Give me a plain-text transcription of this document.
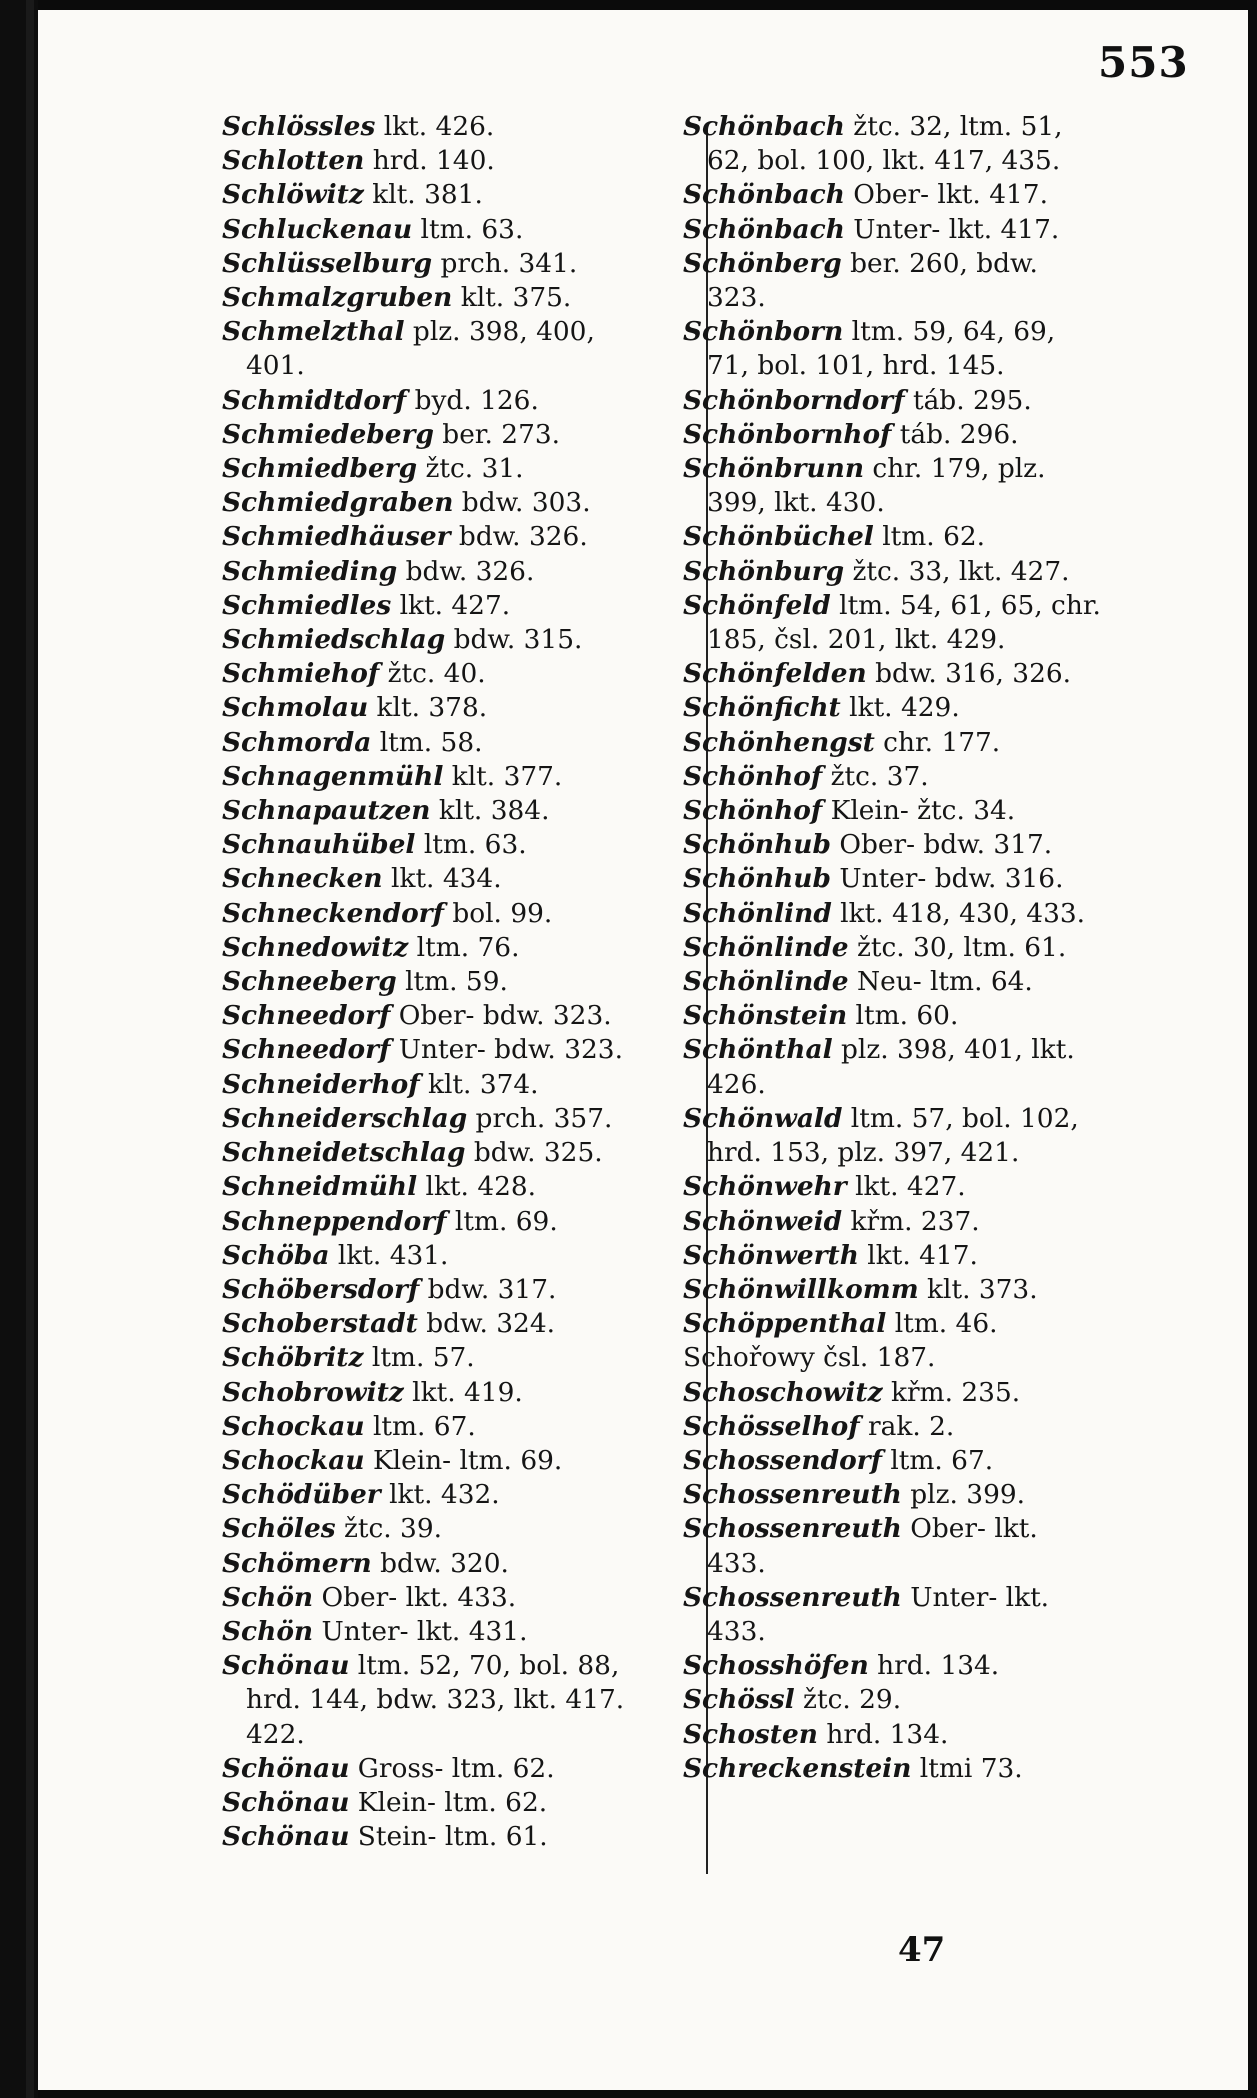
553
47
Schlössles lkt. 426.
Schlotten hrd. 140.
Schlöwitz klt. 381.
Schluckenau ltm. 63.
Schlüsselburg prch. 341.
Schmalzgruben klt. 375.
Schmelzthal plz. 398, 400, 401.
Schmidtdorf byd. 126.
Schmiedeberg ber. 273.
Schmiedberg žtc. 31.
Schmiedgraben bdw. 303.
Schmiedhäuser bdw. 326.
Schmieding bdw. 326.
Schmiedles lkt. 427.
Schmiedschlag bdw. 315.
Schmiehof žtc. 40.
Schmolau klt. 378.
Schmorda ltm. 58.
Schnagenmühl klt. 377.
Schnapautzen klt. 384.
Schnauhübel ltm. 63.
Schnecken lkt. 434.
Schneckendorf bol. 99.
Schnedowitz ltm. 76.
Schneeberg ltm. 59.
Schneedorf Ober- bdw. 323.
Schneedorf Unter- bdw. 323.
Schneiderhof klt. 374.
Schneiderschlag prch. 357.
Schneidetschlag bdw. 325.
Schneidmühl lkt. 428.
Schneppendorf ltm. 69.
Schöba lkt. 431.
Schöbersdorf bdw. 317.
Schoberstadt bdw. 324.
Schöbritz ltm. 57.
Schobrowitz lkt. 419.
Schockau ltm. 67.
Schockau Klein- ltm. 69.
Schödüber lkt. 432.
Schöles žtc. 39.
Schömern bdw. 320.
Schön Ober- lkt. 433.
Schön Unter- lkt. 431.
Schönau ltm. 52, 70, bol. 88, hrd. 144, bdw. 323, lkt. 417. 422.
Schönau Gross- ltm. 62.
Schönau Klein- ltm. 62.
Schönau Stein- ltm. 61.
Schönbach žtc. 32, ltm. 51, 62, bol. 100, lkt. 417, 435.
Schönbach Ober- lkt. 417.
Schönbach Unter- lkt. 417.
Schönberg ber. 260, bdw. 323.
Schönborn ltm. 59, 64, 69, 71, bol. 101, hrd. 145.
Schönborndorf táb. 295.
Schönbornhof táb. 296.
Schönbrunn chr. 179, plz. 399, lkt. 430.
Schönbüchel ltm. 62.
Schönburg žtc. 33, lkt. 427.
Schönfeld ltm. 54, 61, 65, chr. 185, čsl. 201, lkt. 429.
Schönfelden bdw. 316, 326.
Schönficht lkt. 429.
Schönhengst chr. 177.
Schönhof žtc. 37.
Schönhof Klein- žtc. 34.
Schönhub Ober- bdw. 317.
Schönhub Unter- bdw. 316.
Schönlind lkt. 418, 430, 433.
Schönlinde žtc. 30, ltm. 61.
Schönlinde Neu- ltm. 64.
Schönstein ltm. 60.
Schönthal plz. 398, 401, lkt. 426.
Schönwald ltm. 57, bol. 102, hrd. 153, plz. 397, 421.
Schönwehr lkt. 427.
Schönweid křm. 237.
Schönwerth lkt. 417.
Schönwillkomm klt. 373.
Schöppenthal ltm. 46.
Schořowy čsl. 187.
Schoschowitz křm. 235.
Schösselhof rak. 2.
Schossendorf ltm. 67.
Schossenreuth plz. 399.
Schossenreuth Ober- lkt. 433.
Schossenreuth Unter- lkt. 433.
Schosshöfen hrd. 134.
Schössl žtc. 29.
Schosten hrd. 134.
Schreckenstein ltmi 73.
